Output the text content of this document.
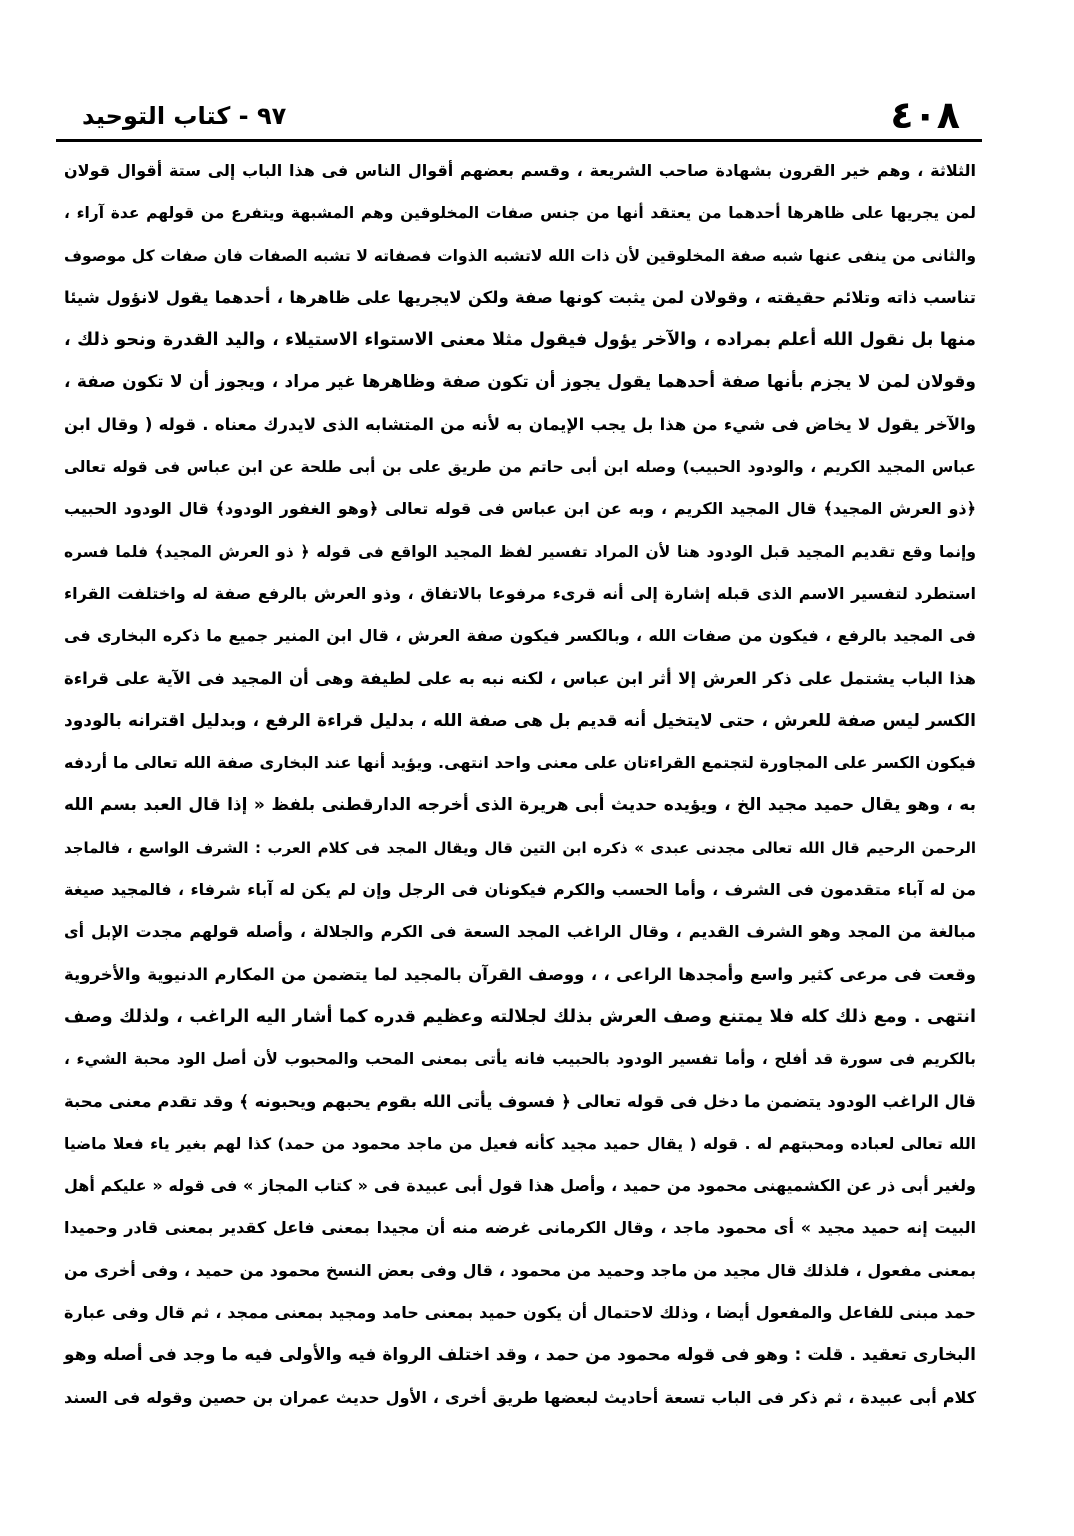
٤٠٨
٩٧ - كتاب التوحيد
الثلاثة ، وهم خير القرون بشهادة صاحب الشريعة ، وقسم بعضهم أقوال الناس فى هذا الباب إلى ستة أقوال قولان
لمن يجريها على ظاهرها أحدهما من يعتقد أنها من جنس صفات المخلوقين وهم المشبهة ويتفرع من قولهم عدة آراء ،
والثانى من ينفى عنها شبه صفة المخلوقين لأن ذات الله لاتشبه الذوات فصفاته لا تشبه الصفات فان صفات كل موصوف
تناسب ذاته وتلائم حقيقته ، وقولان لمن يثبت كونها صفة ولكن لايجريها على ظاهرها ، أحدهما يقول لانؤول شيئا
منها بل نقول الله أعلم بمراده ، والآخر يؤول فيقول مثلا معنى الاستواء الاستيلاء ، واليد القدرة ونحو ذلك ،
وقولان لمن لا يجزم بأنها صفة أحدهما يقول يجوز أن تكون صفة وظاهرها غير مراد ، ويجوز أن لا تكون صفة ،
والآخر يقول لا يخاض فى شيء من هذا بل يجب الإيمان به لأنه من المتشابه الذى لايدرك معناه . قوله ( وقال ابن
عباس المجيد الكريم ، والودود الحبيب) وصله ابن أبى حاتم من طريق على بن أبى طلحة عن ابن عباس فى قوله تعالى
﴿ذو العرش المجيد﴾ قال المجيد الكريم ، وبه عن ابن عباس فى قوله تعالى ﴿وهو الغفور الودود﴾ قال الودود الحبيب
وإنما وقع تقديم المجيد قبل الودود هنا لأن المراد تفسير لفظ المجيد الواقع فى قوله ﴿ ذو العرش المجيد﴾ فلما فسره
استطرد لتفسير الاسم الذى قبله إشارة إلى أنه قرىء مرفوعا بالاتفاق ، وذو العرش بالرفع صفة له واختلفت القراء
فى المجيد بالرفع ، فيكون من صفات الله ، وبالكسر فيكون صفة العرش ، قال ابن المنير جميع ما ذكره البخارى فى
هذا الباب يشتمل على ذكر العرش إلا أثر ابن عباس ، لكنه نبه به على لطيفة وهى أن المجيد فى الآية على قراءة
الكسر ليس صفة للعرش ، حتى لايتخيل أنه قديم بل هى صفة الله ، بدليل قراءة الرفع ، وبدليل اقترانه بالودود
فيكون الكسر على المجاورة لتجتمع القراءتان على معنى واحد انتهى. ويؤيد أنها عند البخارى صفة الله تعالى ما أردفه
به ، وهو يقال حميد مجيد الخ ، ويؤيده حديث أبى هريرة الذى أخرجه الدارقطنى بلفظ « إذا قال العبد بسم الله
الرحمن الرحيم قال الله تعالى مجدنى عبدى » ذكره ابن التين قال ويقال المجد فى كلام العرب : الشرف الواسع ، فالماجد
من له آباء متقدمون فى الشرف ، وأما الحسب والكرم فيكونان فى الرجل وإن لم يكن له آباء شرفاء ، فالمجيد صيغة
مبالغة من المجد وهو الشرف القديم ، وقال الراغب المجد السعة فى الكرم والجلالة ، وأصله قولهم مجدت الإبل أى
وقعت فى مرعى كثير واسع وأمجدها الراعى ، ، ووصف القرآن بالمجيد لما يتضمن من المكارم الدنيوية والأخروية
انتهى . ومع ذلك كله فلا يمتنع وصف العرش بذلك لجلالته وعظيم قدره كما أشار اليه الراغب ، ولذلك وصف
بالكريم فى سورة قد أفلح ، وأما تفسير الودود بالحبيب فانه يأتى بمعنى المحب والمحبوب لأن أصل الود محبة الشيء ،
قال الراغب الودود يتضمن ما دخل فى قوله تعالى ﴿ فسوف يأتى الله بقوم يحبهم ويحبونه ﴾ وقد تقدم معنى محبة
الله تعالى لعباده ومحبتهم له . قوله ( يقال حميد مجيد كأنه فعيل من ماجد محمود من حمد) كذا لهم بغير ياء فعلا ماضيا
ولغير أبى ذر عن الكشميهنى محمود من حميد ، وأصل هذا قول أبى عبيدة فى « كتاب المجاز » فى قوله « عليكم أهل
البيت إنه حميد مجيد » أى محمود ماجد ، وقال الكرمانى غرضه منه أن مجيدا بمعنى فاعل كقدير بمعنى قادر وحميدا
بمعنى مفعول ، فلذلك قال مجيد من ماجد وحميد من محمود ، قال وفى بعض النسخ محمود من حميد ، وفى أخرى من
حمد مبنى للفاعل والمفعول أيضا ، وذلك لاحتمال أن يكون حميد بمعنى حامد ومجيد بمعنى ممجد ، ثم قال وفى عبارة
البخارى تعقيد . قلت : وهو فى قوله محمود من حمد ، وقد اختلف الرواة فيه والأولى فيه ما وجد فى أصله وهو
كلام أبى عبيدة ، ثم ذكر فى الباب تسعة أحاديث لبعضها طريق أخرى ، الأول حديث عمران بن حصين وقوله فى السند
